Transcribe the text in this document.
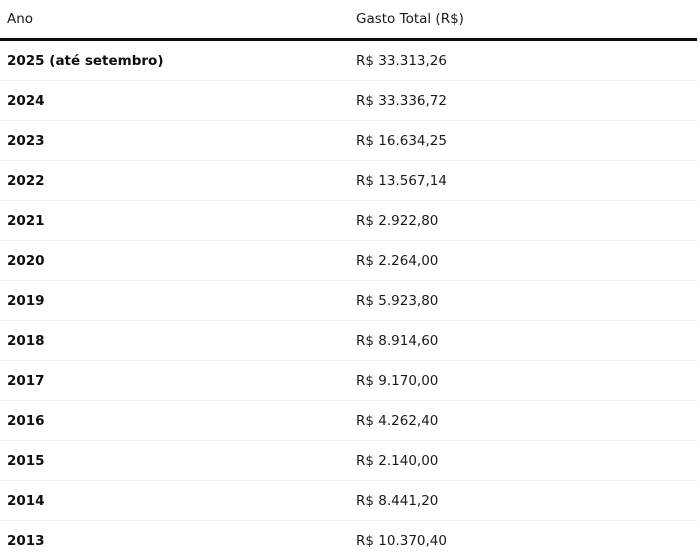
Ano	Gasto Total (R$)
2025 (até setembro)	R$ 33.313,26
2024	R$ 33.336,72
2023	R$ 16.634,25
2022	R$ 13.567,14
2021	R$ 2.922,80
2020	R$ 2.264,00
2019	R$ 5.923,80
2018	R$ 8.914,60
2017	R$ 9.170,00
2016	R$ 4.262,40
2015	R$ 2.140,00
2014	R$ 8.441,20
2013	R$ 10.370,40
